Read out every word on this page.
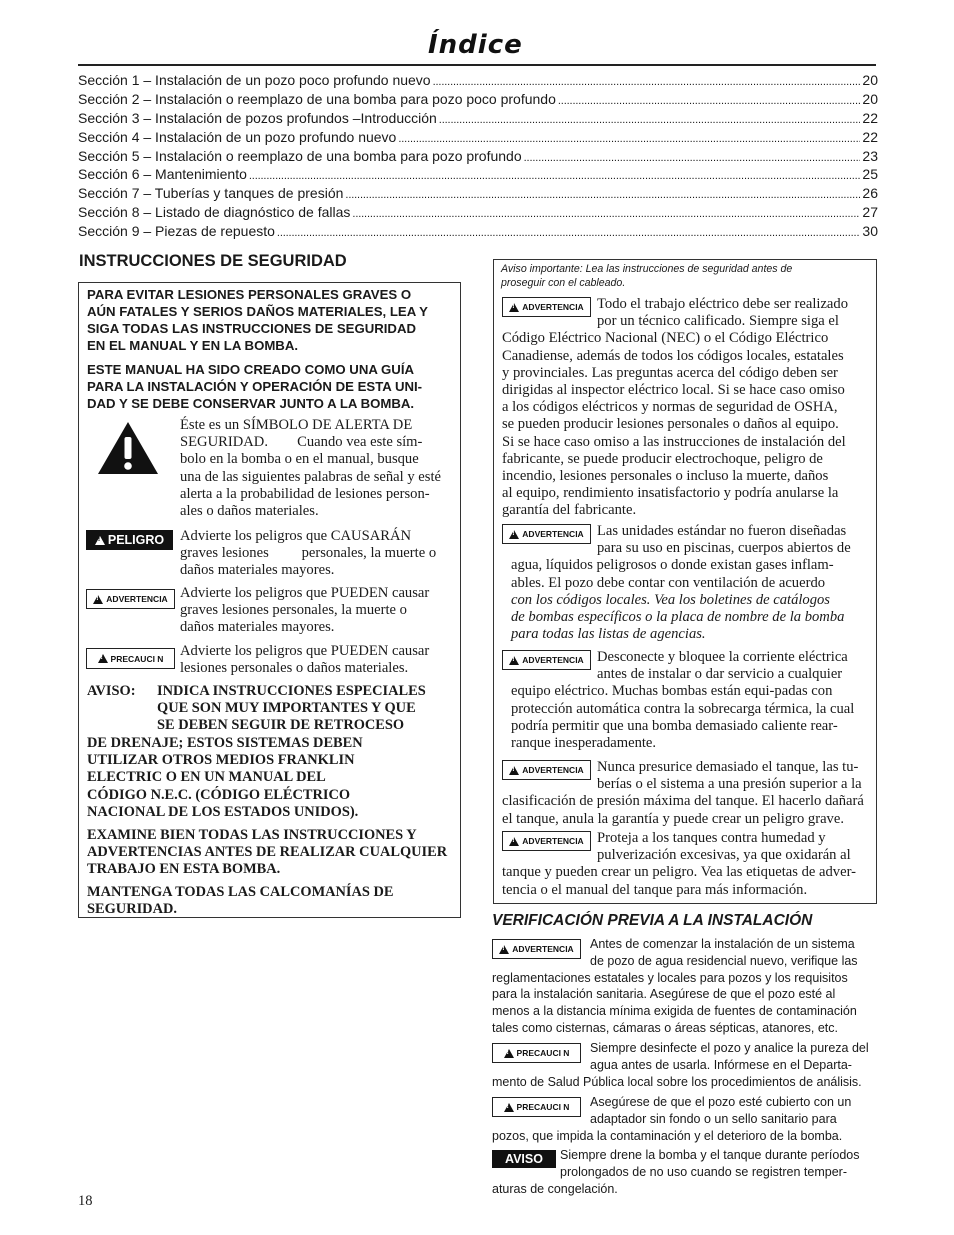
Índice
Sección 1 – Instalación de un pozo poco profundo nuevo . . .	20
Sección 2 – Instalación o reemplazo de una bomba para pozo poco profundo . . .	20
Sección 3 – Instalación de pozos profundos –Introducción . . .	22
Sección 4 – Instalación de un pozo profundo nuevo . . .	22
Sección 5 – Instalación o reemplazo de una bomba para pozo profundo . . .	23
Sección 6 – Mantenimiento . . .	25
Sección 7 – Tuberías y tanques de presión . . .	26
Sección 8 – Listado de diagnóstico de fallas . . .	27
Sección 9 – Piezas de repuesto . . .	30
INSTRUCCIONES DE SEGURIDAD
PARA EVITAR LESIONES PERSONALES GRAVES O
AÚN FATALES Y SERIOS DAÑOS MATERIALES, LEA Y
SIGA TODAS LAS INSTRUCCIONES DE SEGURIDAD
EN EL MANUAL Y EN LA BOMBA.
ESTE MANUAL HA SIDO CREADO COMO UNA GUÍA
PARA LA INSTALACIÓN Y OPERACIÓN DE ESTA UNI-
DAD Y SE DEBE CONSERVAR JUNTO A LA BOMBA.
Éste es un SÍMBOLO DE ALERTA DE
SEGURIDAD.        Cuando vea este sím-
bolo en la bomba o en el manual, busque
una de las siguientes palabras de señal y esté
alerta a la probabilidad de lesiones person-
ales o daños materiales.
!
PELIGRO Advierte los peligros que CAUSARÁN
graves lesiones         personales, la muerte o
daños materiales mayores.
!
ADVERTENCIA Advierte los peligros que PUEDEN causar
graves lesiones personales, la muerte o
daños materiales mayores.
!
PRECAUCI N Advierte los peligros que PUEDEN causar
lesiones personales o daños materiales.
AVISO: INDICA INSTRUCCIONES ESPECIALES
QUE SON MUY IMPORTANTES Y QUE
SE DEBEN SEGUIR DE RETROCESO
DE DRENAJE; ESTOS SISTEMAS DEBEN
UTILIZAR OTROS MEDIOS FRANKLIN
ELECTRIC O EN UN MANUAL DEL
CÓDIGO N.E.C. (CÓDIGO ELÉCTRICO
NACIONAL DE LOS ESTADOS UNIDOS).
EXAMINE BIEN TODAS LAS INSTRUCCIONES Y
ADVERTENCIAS ANTES DE REALIZAR CUALQUIER
TRABAJO EN ESTA BOMBA.
MANTENGA TODAS LAS CALCOMANÍAS DE
SEGURIDAD.
Aviso importante: Lea las instrucciones de seguridad antes de
proseguir con el cableado.
!
ADVERTENCIA Todo el trabajo eléctrico debe ser realizado
por un técnico calificado. Siempre siga el
Código Eléctrico Nacional (NEC) o el Código Eléctrico
Canadiense, además de todos los códigos locales, estatales
y provinciales. Las preguntas acerca del código deben ser
dirigidas al inspector eléctrico local. Si se hace caso omiso
a los códigos eléctricos y normas de seguridad de OSHA,
se pueden producir lesiones personales o daños al equipo.
Si se hace caso omiso a las instrucciones de instalación del
fabricante, se puede producir electrochoque, peligro de
incendio, lesiones personales o incluso la muerte, daños
al equipo, rendimiento insatisfactorio y podría anularse la
garantía del fabricante.
!
ADVERTENCIA Las unidades estándar no fueron diseñadas
para su uso en piscinas, cuerpos abiertos de
agua, líquidos peligrosos o donde existan gases inflam-
ables. El pozo debe contar con ventilación de acuerdo
con los códigos locales. Vea los boletines de catálogos
de bombas específicos o la placa de nombre de la bomba
para todas las listas de agencias.
!
ADVERTENCIA Desconecte y bloquee la corriente eléctrica
antes de instalar o dar servicio a cualquier
equipo eléctrico. Muchas bombas están equi-padas con
protección automática contra la sobrecarga térmica, la cual
podría permitir que una bomba demasiado caliente rear-
ranque inesperadamente.
!
ADVERTENCIA Nunca presurice demasiado el tanque, las tu-
berías o el sistema a una presión superior a la
clasificación de presión máxima del tanque. El hacerlo dañará
el tanque, anula la garantía y puede crear un peligro grave.
!
ADVERTENCIA Proteja a los tanques contra humedad y
pulverización excesivas, ya que oxidarán al
tanque y pueden crear un peligro. Vea las etiquetas de adver-
tencia o el manual del tanque para más información.
VERIFICACIÓN PREVIA A LA INSTALACIÓN
!
ADVERTENCIA Antes de comenzar la instalación de un sistema
de pozo de agua residencial nuevo, verifique las
reglamentaciones estatales y locales para pozos y los requisitos
para la instalación sanitaria. Asegúrese de que el pozo esté al
menos a la distancia mínima exigida de fuentes de contaminación
tales como cisternas, cámaras o áreas sépticas, atanores, etc.
!
PRECAUCI N Siempre desinfecte el pozo y analice la pureza del
agua antes de usarla. Infórmese en el Departa-
mento de Salud Pública local sobre los procedimientos de análisis.
!
PRECAUCI N Asegúrese de que el pozo esté cubierto con un
adaptador sin fondo o un sello sanitario para
pozos, que impida la contaminación y el deterioro de la bomba.
AVISO Siempre drene la bomba y el tanque durante períodos
prolongados de no uso cuando se registren temper-
aturas de congelación.
18
